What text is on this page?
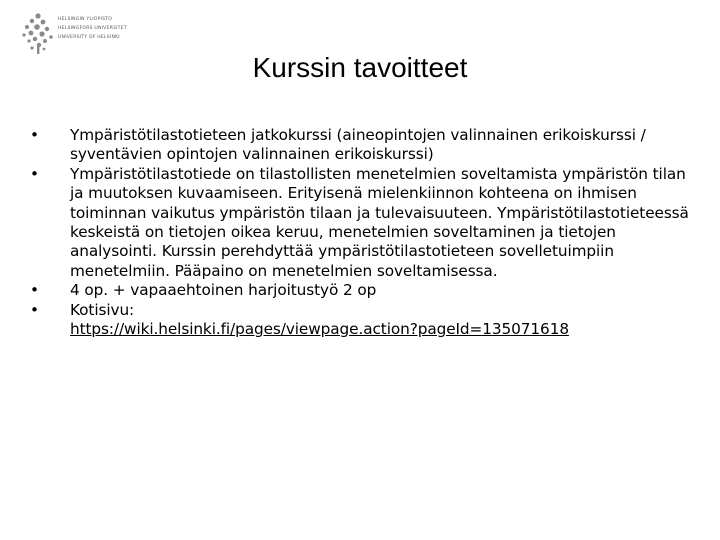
HELSINGIN YLIOPISTO
HELSINGFORS UNIVERSITET
UNIVERSITY OF HELSINKI
Kurssin tavoitteet
•	Ympäristötilastotieteen jatkokurssi (aineopintojen valinnainen erikoiskurssi / syventävien opintojen valinnainen erikoiskurssi)
•	Ympäristötilastotiede on tilastollisten menetelmien soveltamista ympäristön tilan ja muutoksen kuvaamiseen. Erityisenä mielenkiinnon kohteena on ihmisen toiminnan vaikutus ympäristön tilaan ja tulevaisuuteen. Ympäristötilastotieteessä keskeistä on tietojen oikea keruu, menetelmien soveltaminen ja tietojen analysointi. Kurssin perehdyttää ympäristötilastotieteen sovelletuimpiin menetelmiin. Pääpaino on menetelmien soveltamisessa.
•	4 op. + vapaaehtoinen harjoitustyö 2 op
•	Kotisivu:
https://wiki.helsinki.fi/pages/viewpage.action?pageId=135071618
